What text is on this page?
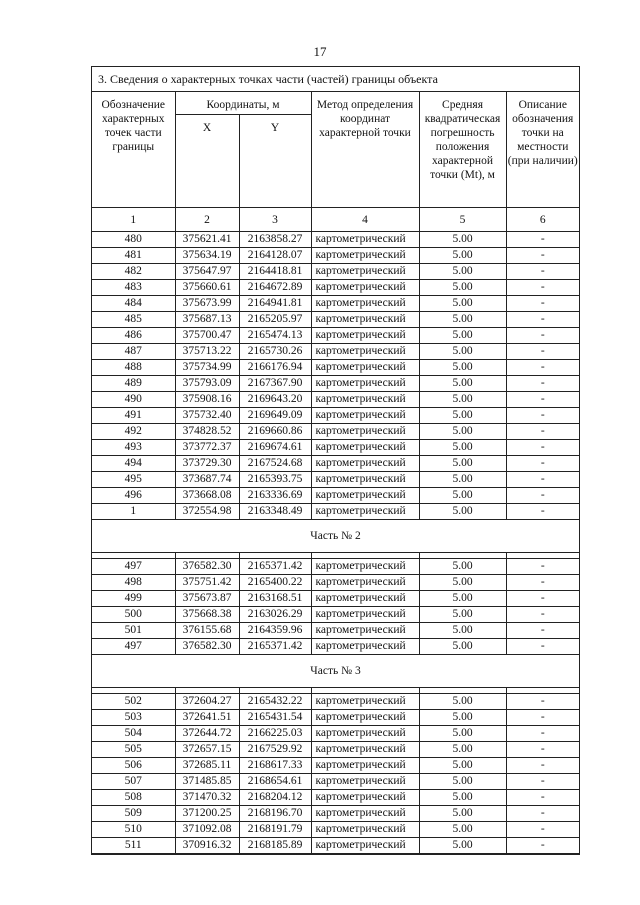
17
3. Сведения о характерных точках части (частей) границы объекта
Обозначение характерных точек части границы	Координаты, м		Метод определения координат характерной точки	Средняя квадратическая погрешность положения характерной точки (Mt), м	Описание обозначения точки на местности (при наличии)
	X	Y			
1	2	3	4	5	6
480	375621.41	2163858.27	картометрический	5.00	-
481	375634.19	2164128.07	картометрический	5.00	-
482	375647.97	2164418.81	картометрический	5.00	-
483	375660.61	2164672.89	картометрический	5.00	-
484	375673.99	2164941.81	картометрический	5.00	-
485	375687.13	2165205.97	картометрический	5.00	-
486	375700.47	2165474.13	картометрический	5.00	-
487	375713.22	2165730.26	картометрический	5.00	-
488	375734.99	2166176.94	картометрический	5.00	-
489	375793.09	2167367.90	картометрический	5.00	-
490	375908.16	2169643.20	картометрический	5.00	-
491	375732.40	2169649.09	картометрический	5.00	-
492	374828.52	2169660.86	картометрический	5.00	-
493	373772.37	2169674.61	картометрический	5.00	-
494	373729.30	2167524.68	картометрический	5.00	-
495	373687.74	2165393.75	картометрический	5.00	-
496	373668.08	2163336.69	картометрический	5.00	-
1	372554.98	2163348.49	картометрический	5.00	-
Часть № 2					

497	376582.30	2165371.42	картометрический	5.00	-
498	375751.42	2165400.22	картометрический	5.00	-
499	375673.87	2163168.51	картометрический	5.00	-
500	375668.38	2163026.29	картометрический	5.00	-
501	376155.68	2164359.96	картометрический	5.00	-
497	376582.30	2165371.42	картометрический	5.00	-
Часть № 3					

502	372604.27	2165432.22	картометрический	5.00	-
503	372641.51	2165431.54	картометрический	5.00	-
504	372644.72	2166225.03	картометрический	5.00	-
505	372657.15	2167529.92	картометрический	5.00	-
506	372685.11	2168617.33	картометрический	5.00	-
507	371485.85	2168654.61	картометрический	5.00	-
508	371470.32	2168204.12	картометрический	5.00	-
509	371200.25	2168196.70	картометрический	5.00	-
510	371092.08	2168191.79	картометрический	5.00	-
511	370916.32	2168185.89	картометрический	5.00	-
